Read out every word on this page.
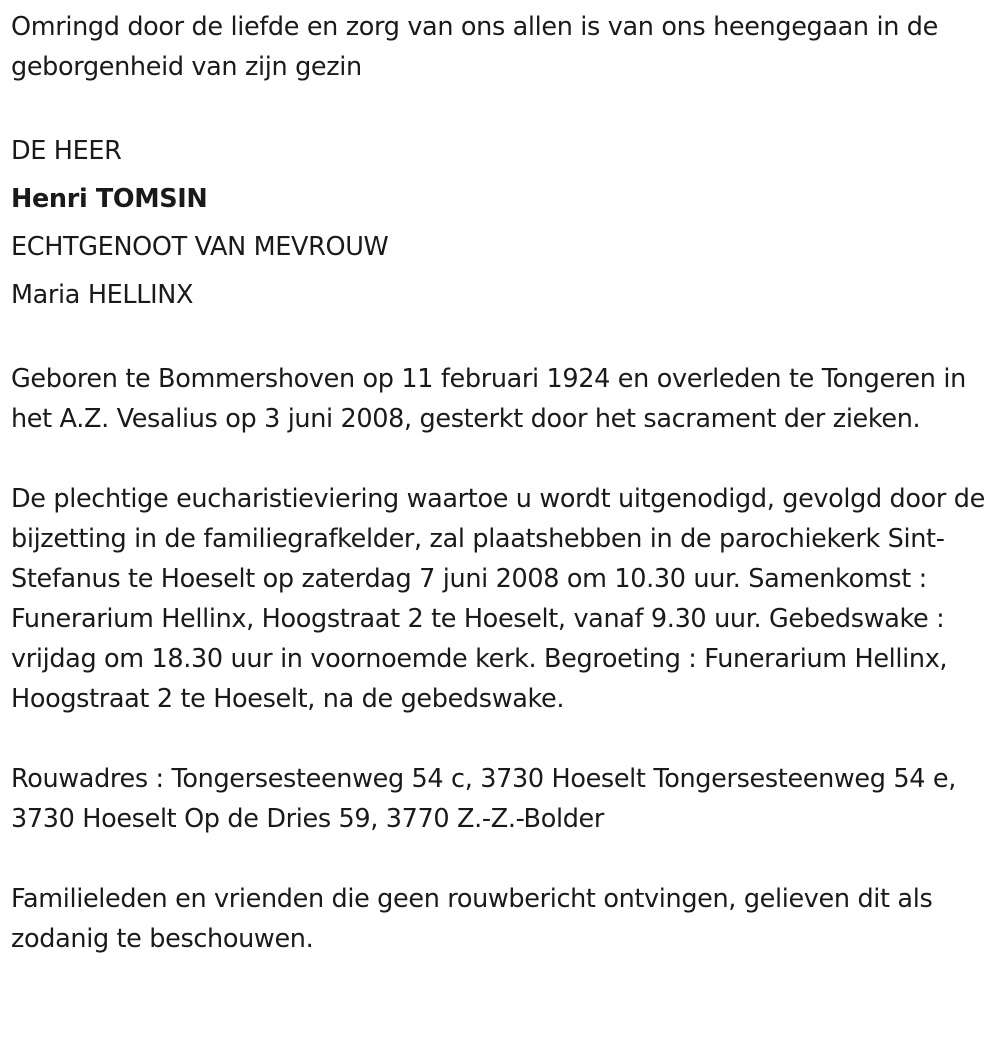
Omringd door de liefde en zorg van ons allen is van ons heengegaan in de geborgenheid van zijn gezin

DE HEER

Henri TOMSIN

ECHTGENOOT VAN MEVROUW

Maria HELLINX

Geboren te Bommershoven op 11 februari 1924 en overleden te Tongeren in het A.Z. Vesalius op 3 juni 2008, gesterkt door het sacrament der zieken.

De plechtige eucharistieviering waartoe u wordt uitgenodigd, gevolgd door de bijzetting in de familiegrafkelder, zal plaatshebben in de parochiekerk Sint-Stefanus te Hoeselt op zaterdag 7 juni 2008 om 10.30 uur. Samenkomst : Funerarium Hellinx, Hoogstraat 2 te Hoeselt, vanaf 9.30 uur. Gebedswake : vrijdag om 18.30 uur in voornoemde kerk. Begroeting : Funerarium Hellinx, Hoogstraat 2 te Hoeselt, na de gebedswake.

Rouwadres : Tongersesteenweg 54 c, 3730 Hoeselt Tongersesteenweg 54 e, 3730 Hoeselt Op de Dries 59, 3770 Z.-Z.-Bolder

Familieleden en vrienden die geen rouwbericht ontvingen, gelieven dit als zodanig te beschouwen.
